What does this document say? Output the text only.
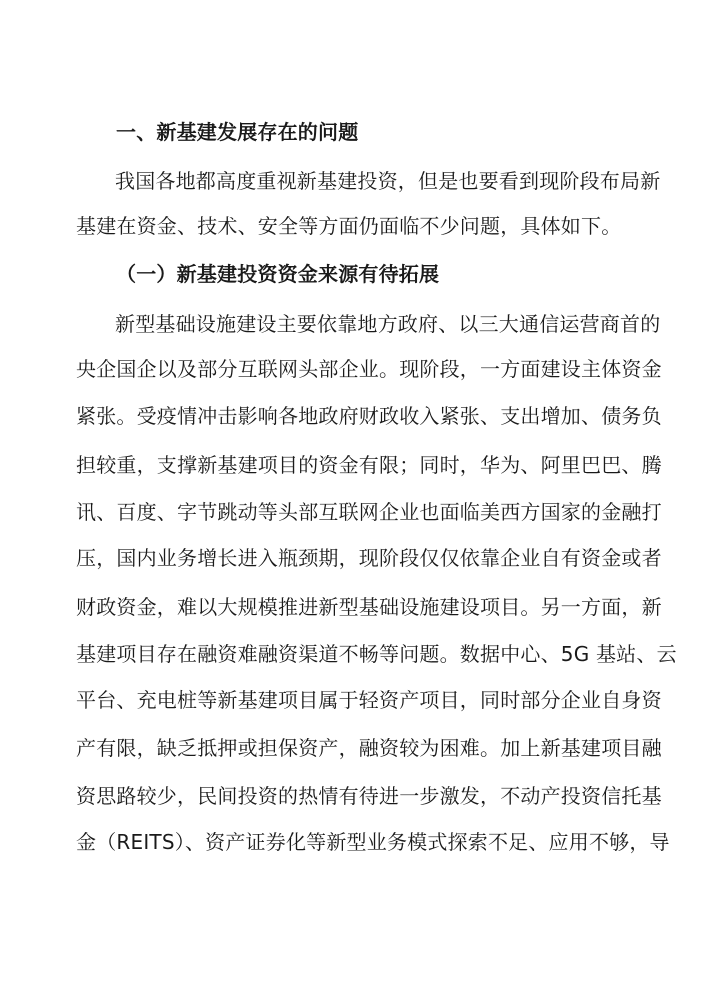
一、新基建发展存在的问题
我国各地都高度重视新基建投资，但是也要看到现阶段布局新
基建在资金、技术、安全等方面仍面临不少问题，具体如下。
（一）新基建投资资金来源有待拓展
新型基础设施建设主要依靠地方政府、以三大通信运营商首的
央企国企以及部分互联网头部企业。现阶段，一方面建设主体资金
紧张。受疫情冲击影响各地政府财政收入紧张、支出增加、债务负
担较重，支撑新基建项目的资金有限；同时，华为、阿里巴巴、腾
讯、百度、字节跳动等头部互联网企业也面临美西方国家的金融打
压，国内业务增长进入瓶颈期，现阶段仅仅依靠企业自有资金或者
财政资金，难以大规模推进新型基础设施建设项目。另一方面，新
基建项目存在融资难融资渠道不畅等问题。数据中心、5G 基站、云
平台、充电桩等新基建项目属于轻资产项目，同时部分企业自身资
产有限，缺乏抵押或担保资产，融资较为困难。加上新基建项目融
资思路较少，民间投资的热情有待进一步激发，不动产投资信托基
金（REITS）、资产证券化等新型业务模式探索不足、应用不够，导
